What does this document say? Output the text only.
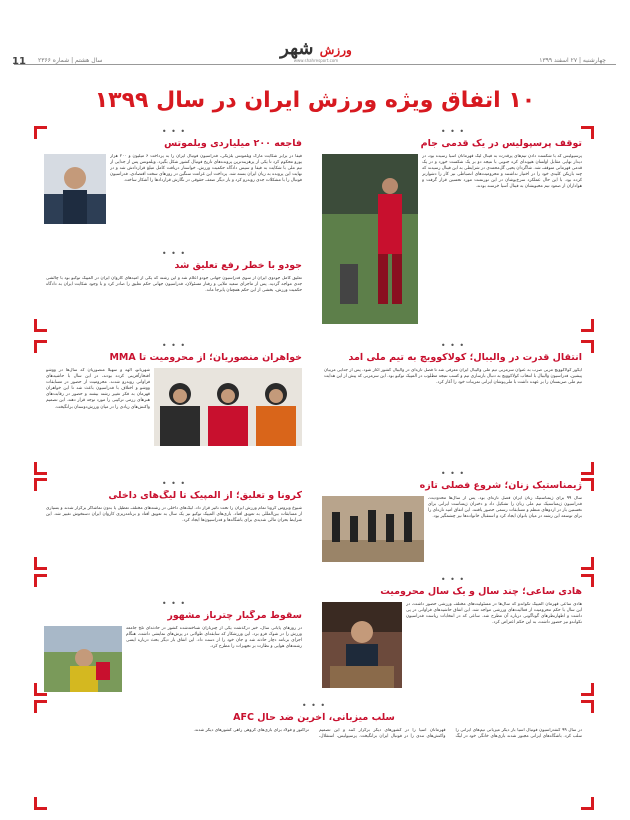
11 سال هشتم | شماره ۲۳۶۶	چهارشنبه | ۲۷ اسفند ۱۳۹۹
ورزش شهر
www.shahresport.com
۱۰ اتفاق ویژه ورزش ایران در سال ۱۳۹۹
• • •
فاجعه ۲۰۰ میلیاردی ویلموتس
فیفا در برابر شکایت مارک ویلموتس بلژیکی، فدراسیون فوتبال ایران را به پرداخت ۶ میلیون و ۲۰۰ هزار یورو محکوم کرد تا یکی از پرهزینه‌ترین پرونده‌های تاریخ فوتبال کشور شکل بگیرد. ویلموتس پس از جدایی از تیم ملی با شکایت به فیفا و سپس دادگاه حکمیت ورزش، خواستار دریافت کامل مبلغ قراردادش شد و در نهایت این پرونده به زیان ایران بسته شد. پرداخت این غرامت سنگین در روزهای سخت اقتصادی، فدراسیون فوتبال را با مشکلات جدی روبه‌رو کرد و بار دیگر ضعف حقوقی در نگارش قراردادها را آشکار ساخت.
• • •
توقف پرسپولیس در یک قدمی جام
پرسپولیس که با شکست دادن تیم‌های پرقدرت به فینال لیگ قهرمانان آسیا رسیده بود، در دیدار نهایی مقابل اولسان هیوندای کره جنوبی با نتیجه دو بر یک شکست خورد و در یک قدمی قهرمانی متوقف شد. شاگردان یحیی گل‌محمدی در شرایطی به این فینال رسیدند که چند بازیکن کلیدی خود را در اختیار نداشتند و محرومیت‌های انضباطی نیز کار را دشوارتر کرده بود. با این حال عملکرد سرخ‌پوشان در این تورنمنت مورد تحسین قرار گرفت و هواداران از صعود تیم محبوبشان به فینال آسیا خرسند بودند.
• • •
جودو با خطر رفع تعلیق شد
تعلیق کامل جودوی ایران از سوی فدراسیون جهانی جودو اعلام شد و این رشته که یکی از امیدهای کاروان ایران در المپیک توکیو بود با چالشی جدی مواجه گردید. پس از ماجرای سعید ملایی و رفتار مسئولان، فدراسیون جهانی حکم تعلیق را صادر کرد و با وجود شکایت ایران به دادگاه حکمیت ورزش، بخشی از این حکم همچنان پابرجا ماند.
• • •
خواهران منصوریان؛ از محرومیت تا MMA
شهربانو، الهه و سهیلا منصوریان که سال‌ها در ووشو افتخارآفرینی کرده بودند، در این سال با حاشیه‌های فراوانی روبه‌رو شدند. محرومیت از حضور در مسابقات ووشو و اختلاف با فدراسیون باعث شد تا این خواهران قهرمان به فکر تغییر رشته بیفتند و حضور در رقابت‌های هنرهای رزمی ترکیبی را مورد توجه قرار دهند. این تصمیم واکنش‌های زیادی را در میان ورزش‌دوستان برانگیخت.
• • •
انتقال قدرت در والیبال؛ کولاکوویچ به تیم ملی آمد
ایگور کولاکوویچ مربی صرب به عنوان سرمربی تیم ملی والیبال ایران معرفی شد تا فصل تازه‌ای در والیبال کشور آغاز شود. پس از جدایی مربیان پیشین، فدراسیون والیبال با انتخاب کولاکوویچ به دنبال بازسازی تیم و کسب نتیجه مطلوب در المپیک توکیو بود. این سرمربی که پیش از این هدایت تیم ملی صربستان را بر عهده داشت با ملی‌پوشان ایرانی تمرینات خود را آغاز کرد.
• • •
ژیمناستیک زنان؛ شروع فصلی تازه
سال ۹۹ برای ژیمناستیک زنان ایران فصل تازه‌ای بود. پس از سال‌ها محدودیت، فدراسیون ژیمناستیک تیم ملی زنان را تشکیل داد و دختران ژیمناست ایرانی برای نخستین بار در اردوهای منظم و مسابقات رسمی حضور یافتند. این اتفاق امید تازه‌ای را برای توسعه این رشته در میان بانوان ایجاد کرد و استقبال خانواده‌ها نیز چشمگیر بود.
• • •
کرونا و تعلیق؛ از المپیک تا لیگ‌های داخلی
شیوع ویروس کرونا تمام ورزش ایران را تحت تاثیر قرار داد. لیگ‌های داخلی در رشته‌های مختلف تعطیل یا بدون تماشاگر برگزار شدند و بسیاری از مسابقات بین‌المللی به تعویق افتاد. بازی‌های المپیک توکیو نیز یک سال به تعویق افتاد و برنامه‌ریزی کاروان ایران دستخوش تغییر شد. این شرایط بحران مالی شدیدی برای باشگاه‌ها و فدراسیون‌ها ایجاد کرد.
• • •
هادی ساعی؛ چند سال و یک سال محرومیت
هادی ساعی قهرمان المپیک تکواندو که سال‌ها در مسئولیت‌های مختلف ورزشی حضور داشت، در این سال با حکم محرومیت از فعالیت‌های ورزشی مواجه شد. این اتفاق حاشیه‌های فراوانی در پی داشت و اظهارنظرهای گوناگونی درباره آن مطرح شد. ساعی که در انتخابات ریاست فدراسیون تکواندو نیز حضور داشت، به این حکم اعتراض کرد.
• • •
سقوط مرگبار چترباز مشهور
در روزهای پایانی سال، خبر درگذشت یکی از چتربازان شناخته‌شده کشور در حادثه‌ای تلخ جامعه ورزش را در شوک فرو برد. این ورزشکار که سابقه‌ای طولانی در پرش‌های نمایشی داشت، هنگام اجرای برنامه دچار حادثه شد و جان خود را از دست داد. این اتفاق بار دیگر بحث درباره ایمنی رشته‌های هوایی و نظارت بر تجهیزات را مطرح کرد.
• • •
سلب میزبانی، آخرین ضد حال AFC
در سال ۹۹ کنفدراسیون فوتبال آسیا بار دیگر میزبانی تیم‌های ایرانی را سلب کرد. باشگاه‌های ایرانی مجبور شدند بازی‌های خانگی خود در لیگ قهرمانان آسیا را در کشورهای دیگر برگزار کنند و این تصمیم واکنش‌های تندی را در فوتبال ایران برانگیخت. پرسپولیس، استقلال، تراکتور و فولاد برای بازی‌های گروهی راهی کشورهای دیگر شدند.
